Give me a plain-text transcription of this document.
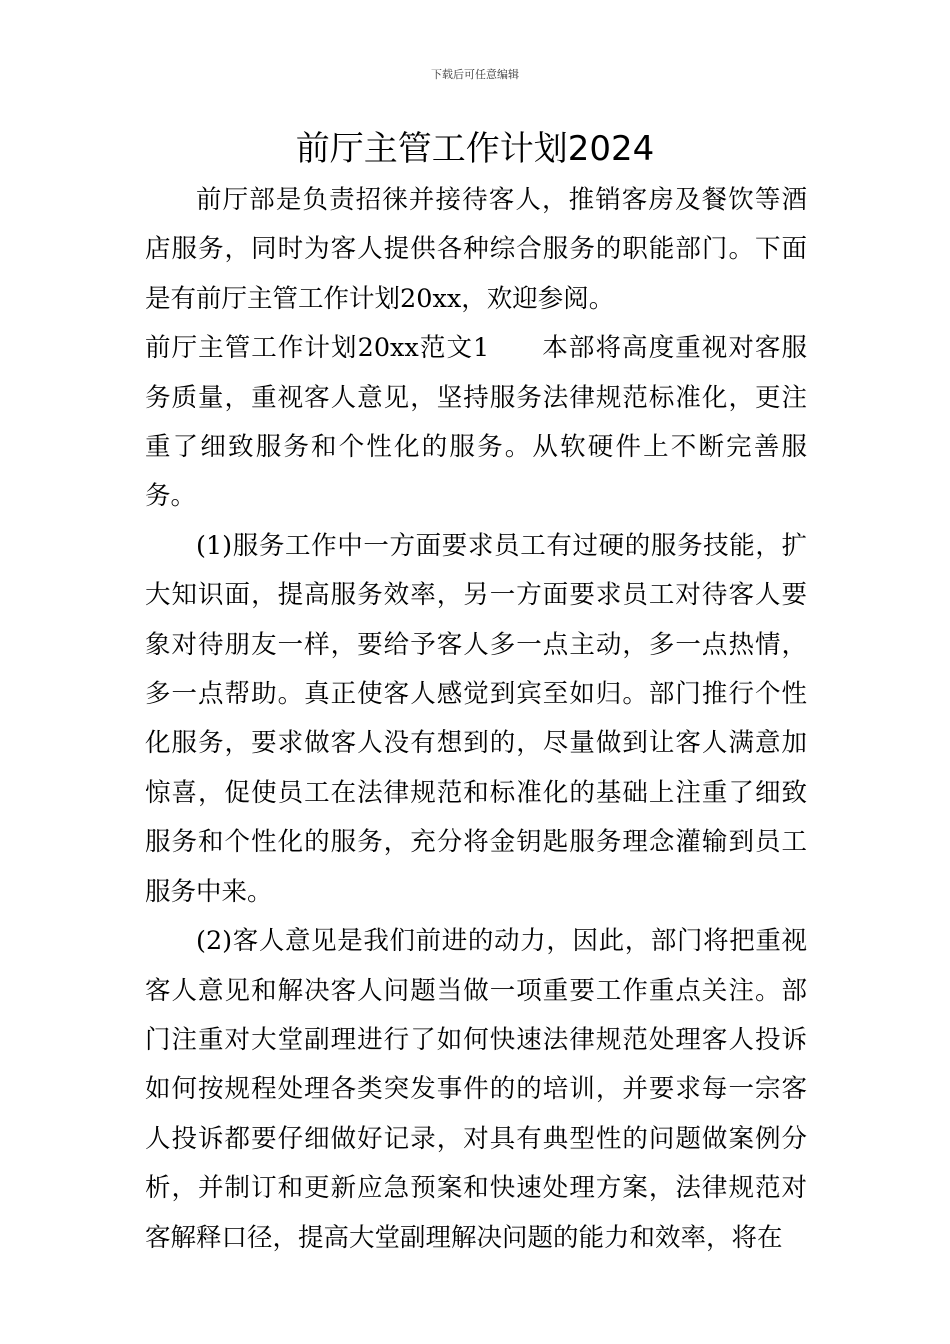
下载后可任意编辑
前厅主管工作计划2024

前厅部是负责招徕并接待客人，推销客房及餐饮等酒店服务，同时为客人提供各种综合服务的职能部门。下面是有前厅主管工作计划20xx，欢迎参阅。

前厅主管工作计划20xx范文1 本部将高度重视对客服务质量，重视客人意见，坚持服务法律规范标准化，更注重了细致服务和个性化的服务。从软硬件上不断完善服务。

(1)服务工作中一方面要求员工有过硬的服务技能，扩大知识面，提高服务效率，另一方面要求员工对待客人要象对待朋友一样，要给予客人多一点主动，多一点热情，多一点帮助。真正使客人感觉到宾至如归。部门推行个性化服务，要求做客人没有想到的，尽量做到让客人满意加惊喜，促使员工在法律规范和标准化的基础上注重了细致服务和个性化的服务，充分将金钥匙服务理念灌输到员工服务中来。

(2)客人意见是我们前进的动力，因此，部门将把重视客人意见和解决客人问题当做一项重要工作重点关注。部门注重对大堂副理进行了如何快速法律规范处理客人投诉如何按规程处理各类突发事件的的培训，并要求每一宗客人投诉都要仔细做好记录，对具有典型性的问题做案例分析，并制订和更新应急预案和快速处理方案，法律规范对客解释口径，提高大堂副理解决问题的能力和效率，将在
